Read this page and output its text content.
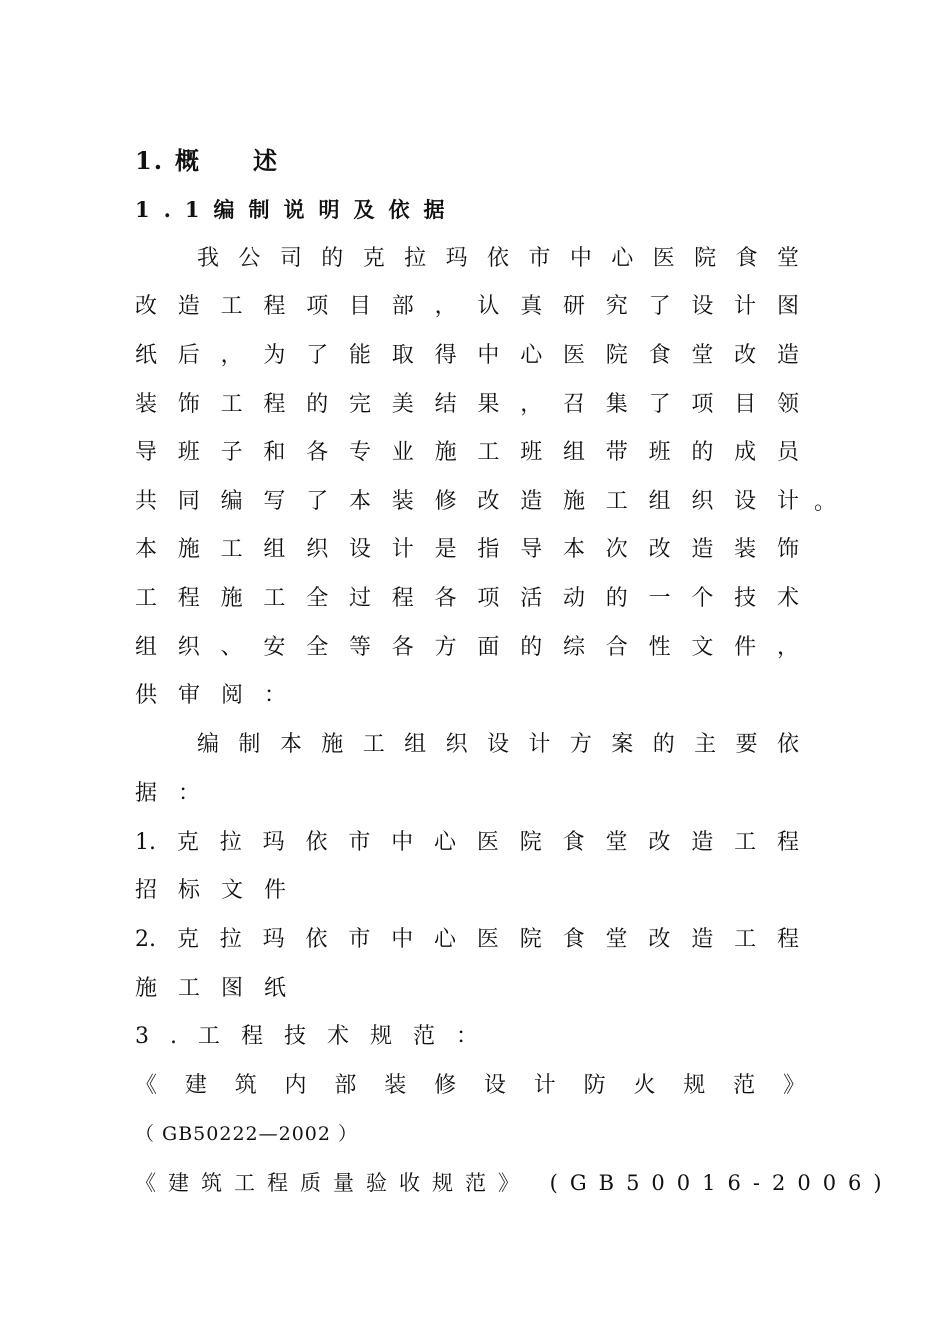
1. 概 述
1.1编制说明及依据
我公司的克拉玛依市中心医院食堂
改造工程项目部，认真研究了设计图
纸后，为了能取得中心医院食堂改造
装饰工程的完美结果，召集了项目领
导班子和各专业施工班组带班的成员
共同编写了本装修改造施工组织设计 。
本施工组织设计是指导本次改造装饰
工程施工全过程各项活动的一个技术
组织、安全等各方面的综合性文件，
供审阅：
编制本施工组织设计方案的主要依
据：
1.克拉玛依市中心医院食堂改造工程
招标文件
2.克拉玛依市中心医院食堂改造工程
施工图纸
3.工程技术规范：
《建筑内部装修设计防火规范》
（ GB50222—2002 ）
《建筑工程质量验收规范》 (GB50016-2006)
